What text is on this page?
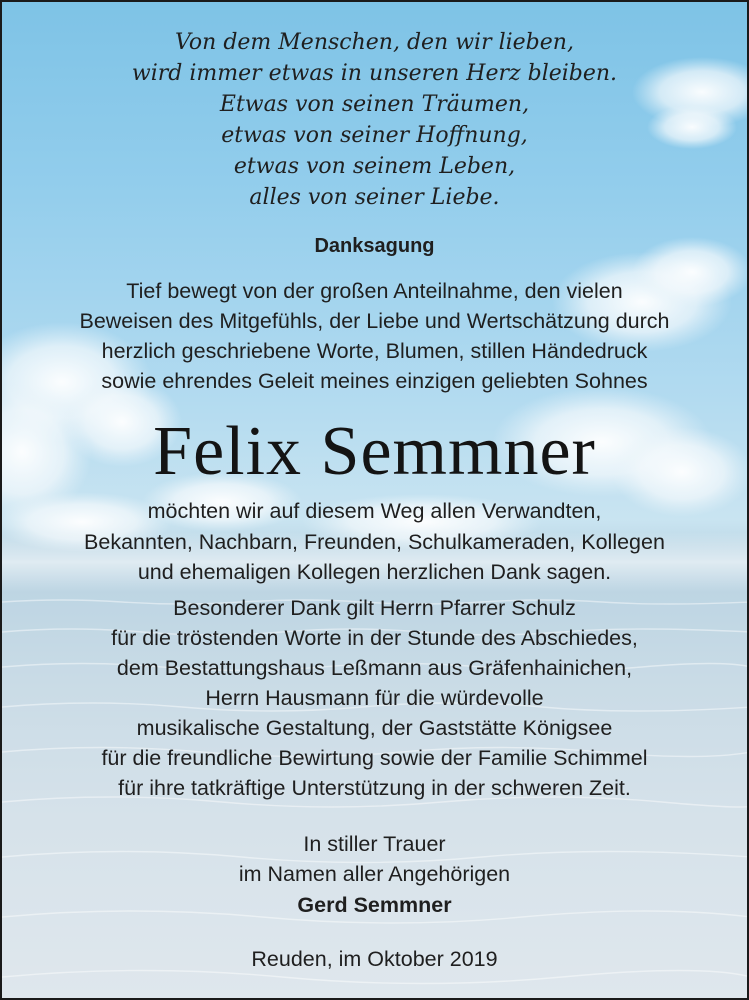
Von dem Menschen, den wir lieben,

wird immer etwas in unseren Herz bleiben.

Etwas von seinen Träumen,

etwas von seiner Hoffnung,

etwas von seinem Leben,

alles von seiner Liebe.

Danksagung

Tief bewegt von der großen Anteilnahme, den vielen

Beweisen des Mitgefühls, der Liebe und Wertschätzung durch

herzlich geschriebene Worte, Blumen, stillen Händedruck

sowie ehrendes Geleit meines einzigen geliebten Sohnes

Felix Semmner

möchten wir auf diesem Weg allen Verwandten,

Bekannten, Nachbarn, Freunden, Schulkameraden, Kollegen

und ehemaligen Kollegen herzlichen Dank sagen.

Besonderer Dank gilt Herrn Pfarrer Schulz

für die tröstenden Worte in der Stunde des Abschiedes,

dem Bestattungshaus Leßmann aus Gräfenhainichen,

Herrn Hausmann für die würdevolle

musikalische Gestaltung, der Gaststätte Königsee

für die freundliche Bewirtung sowie der Familie Schimmel

für ihre tatkräftige Unterstützung in der schweren Zeit.

In stiller Trauer

im Namen aller Angehörigen

Gerd Semmner

Reuden, im Oktober 2019
